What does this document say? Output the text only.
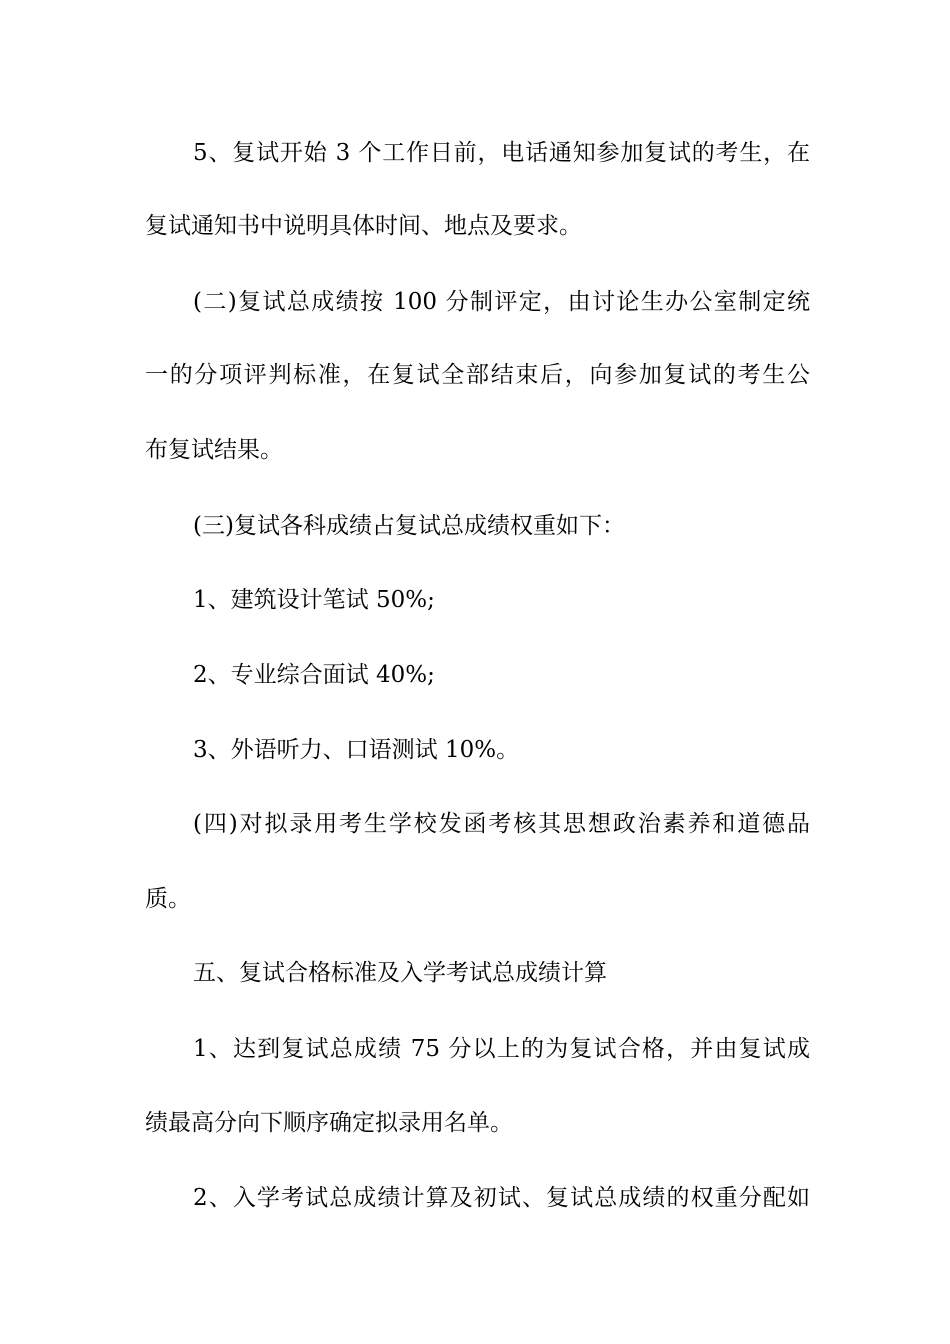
5、复试开始 3 个工作日前，电话通知参加复试的考生，在
复试通知书中说明具体时间、地点及要求。
(二)复试总成绩按 100 分制评定，由讨论生办公室制定统
一的分项评判标准，在复试全部结束后，向参加复试的考生公
布复试结果。
(三)复试各科成绩占复试总成绩权重如下：
1、建筑设计笔试 50%;
2、专业综合面试 40%;
3、外语听力、口语测试 10%。
(四)对拟录用考生学校发函考核其思想政治素养和道德品
质。
五、复试合格标准及入学考试总成绩计算
1、达到复试总成绩 75 分以上的为复试合格，并由复试成
绩最高分向下顺序确定拟录用名单。
2、入学考试总成绩计算及初试、复试总成绩的权重分配如
